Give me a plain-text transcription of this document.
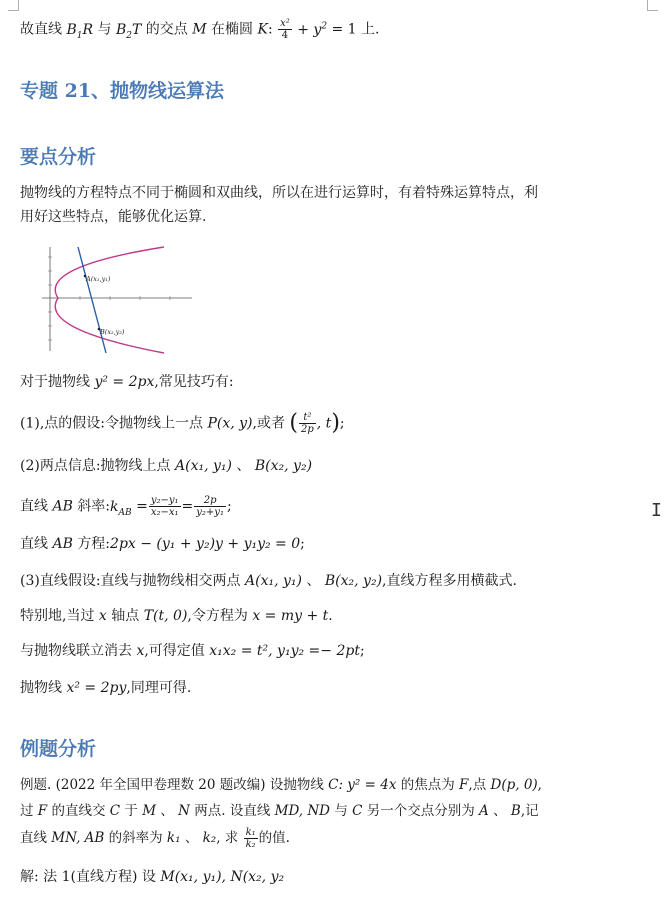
故直线 $B_1R$ 与 $B_2T$ 的交点 M 在椭圆 K: $\frac{\text{x²}}{4} + y^2 = 1$ 上.
专题 21、抛物线运算法
要点分析
抛物线的方程特点不同于椭圆和双曲线，所以在进行运算时，有着特殊运算特点，利
用好这些特点，能够优化运算.
A(x₁,y₁)
B(x₂,y₂)
对于抛物线 y² = 2px,常见技巧有:
(1),点的假设:令抛物线上一点 P(x, y),或者 ( $\frac{\text{t²}}{2p}$ , t);
(2)两点信息:抛物线上点 A(x₁, y₁) 、 B(x₂, y₂)
直线 AB 斜率$:k_{AB} = \frac{\text{y₂−y₁}}{\text{x₂−x₁}} = \frac{2p}{\text{y₂+y₁}}$ ;
直线 AB 方程:2px − (y₁ + y₂)y + y₁y₂ = 0;
(3)直线假设:直线与抛物线相交两点 A(x₁, y₁) 、 B(x₂, y₂),直线方程多用横截式.
特别地,当过 x 轴点 T(t, 0),令方程为 x = my + t.
与抛物线联立消去 x,可得定值 x₁x₂ = t², y₁y₂ =− 2pt;
抛物线 x² = 2py,同理可得.
例题分析
例题. (2022 年全国甲卷理数 20 题改编) 设抛物线 C: y² = 4x 的焦点为 F,点 D(p, 0),
过 F 的直线交 C 于 M 、 N 两点. 设直线 MD, ND 与 C 另一个交点分别为 A 、 B,记
直线 MN, AB 的斜率为 k₁ 、 k₂, 求 $\frac{\text{k₁}}{\text{k₂}}$ 的值.
解: 法 1(直线方程) 设 M(x₁, y₁), N(x₂, y₂
I
